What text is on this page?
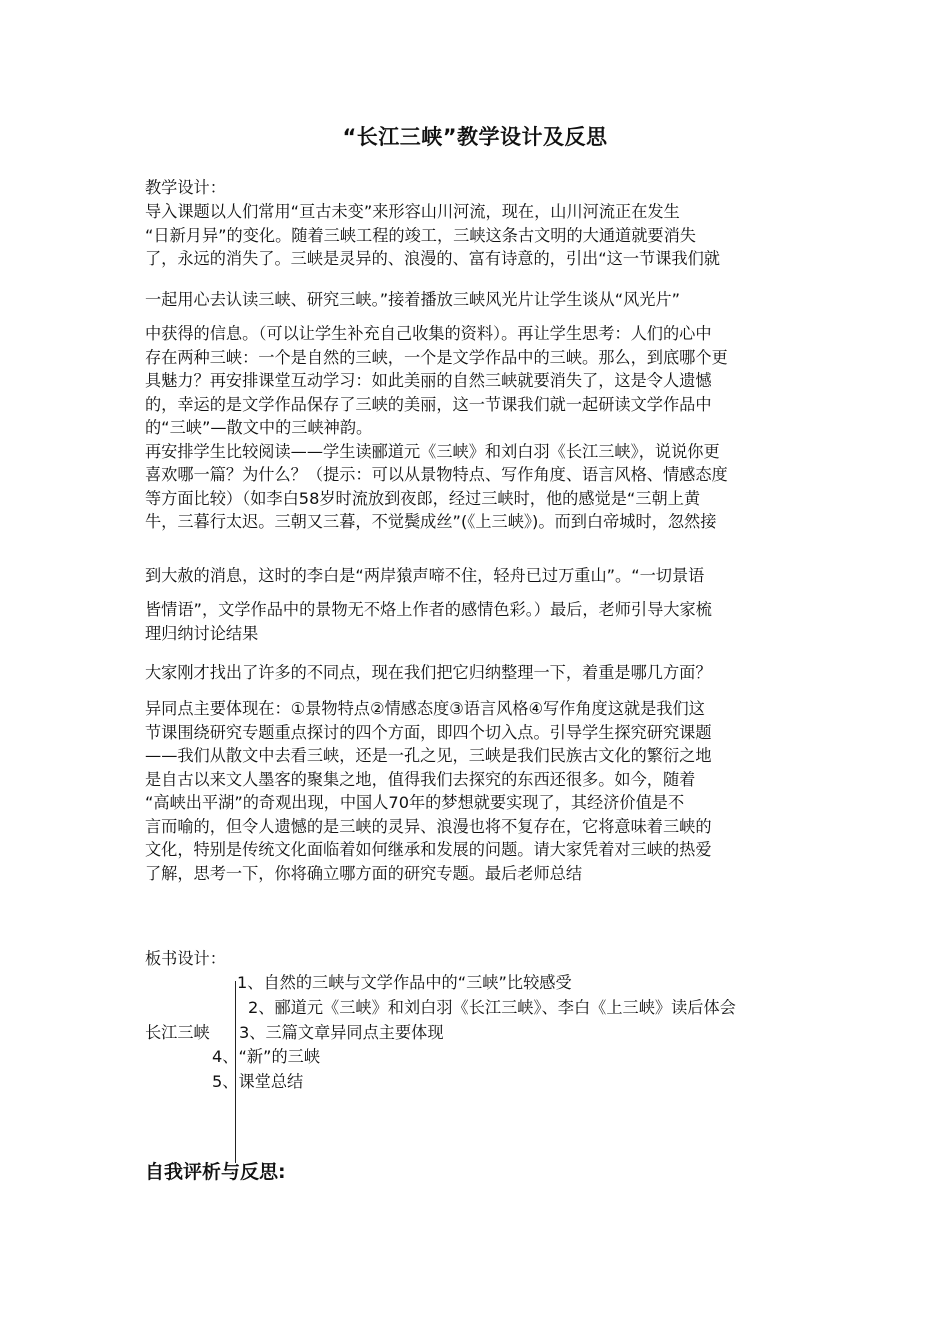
“长江三峡”教学设计及反思
教学设计：
导入课题以人们常用“亘古未变”来形容山川河流，现在，山川河流正在发生
“日新月异”的变化。随着三峡工程的竣工，三峡这条古文明的大通道就要消失
了，永远的消失了。三峡是灵异的、浪漫的、富有诗意的，引出“这一节课我们就
一起用心去认读三峡、研究三峡。”接着播放三峡风光片让学生谈从“风光片”
中获得的信息。（可以让学生补充自己收集的资料）。再让学生思考：人们的心中
存在两种三峡：一个是自然的三峡，一个是文学作品中的三峡。那么，到底哪个更
具魅力？再安排课堂互动学习：如此美丽的自然三峡就要消失了，这是令人遗憾
的，幸运的是文学作品保存了三峡的美丽，这一节课我们就一起研读文学作品中
的“三峡”—散文中的三峡神韵。
再安排学生比较阅读——学生读郦道元《三峡》和刘白羽《长江三峡》，说说你更
喜欢哪一篇？为什么？（提示：可以从景物特点、写作角度、语言风格、情感态度
等方面比较）（如李白58岁时流放到夜郎，经过三峡时，他的感觉是“三朝上黄
牛，三暮行太迟。三朝又三暮，不觉鬓成丝”(《上三峡》)。而到白帝城时，忽然接
到大赦的消息，这时的李白是“两岸猿声啼不住，轻舟已过万重山”。“一切景语
皆情语”，文学作品中的景物无不烙上作者的感情色彩。）最后，老师引导大家梳
理归纳讨论结果
大家刚才找出了许多的不同点，现在我们把它归纳整理一下，着重是哪几方面？
异同点主要体现在：①景物特点②情感态度③语言风格④写作角度这就是我们这
节课围绕研究专题重点探讨的四个方面，即四个切入点。引导学生探究研究课题
——我们从散文中去看三峡，还是一孔之见，三峡是我们民族古文化的繁衍之地
是自古以来文人墨客的聚集之地，值得我们去探究的东西还很多。如今，随着
“高峡出平湖”的奇观出现，中国人70年的梦想就要实现了，其经济价值是不
言而喻的，但令人遗憾的是三峡的灵异、浪漫也将不复存在，它将意味着三峡的
文化，特别是传统文化面临着如何继承和发展的问题。请大家凭着对三峡的热爱
了解，思考一下，你将确立哪方面的研究专题。最后老师总结
板书设计：
1、自然的三峡与文学作品中的“三峡”比较感受
2、郦道元《三峡》和刘白羽《长江三峡》、李白《上三峡》读后体会
长江三峡 3、三篇文章异同点主要体现
4、“新”的三峡
5、课堂总结
自我评析与反思:
